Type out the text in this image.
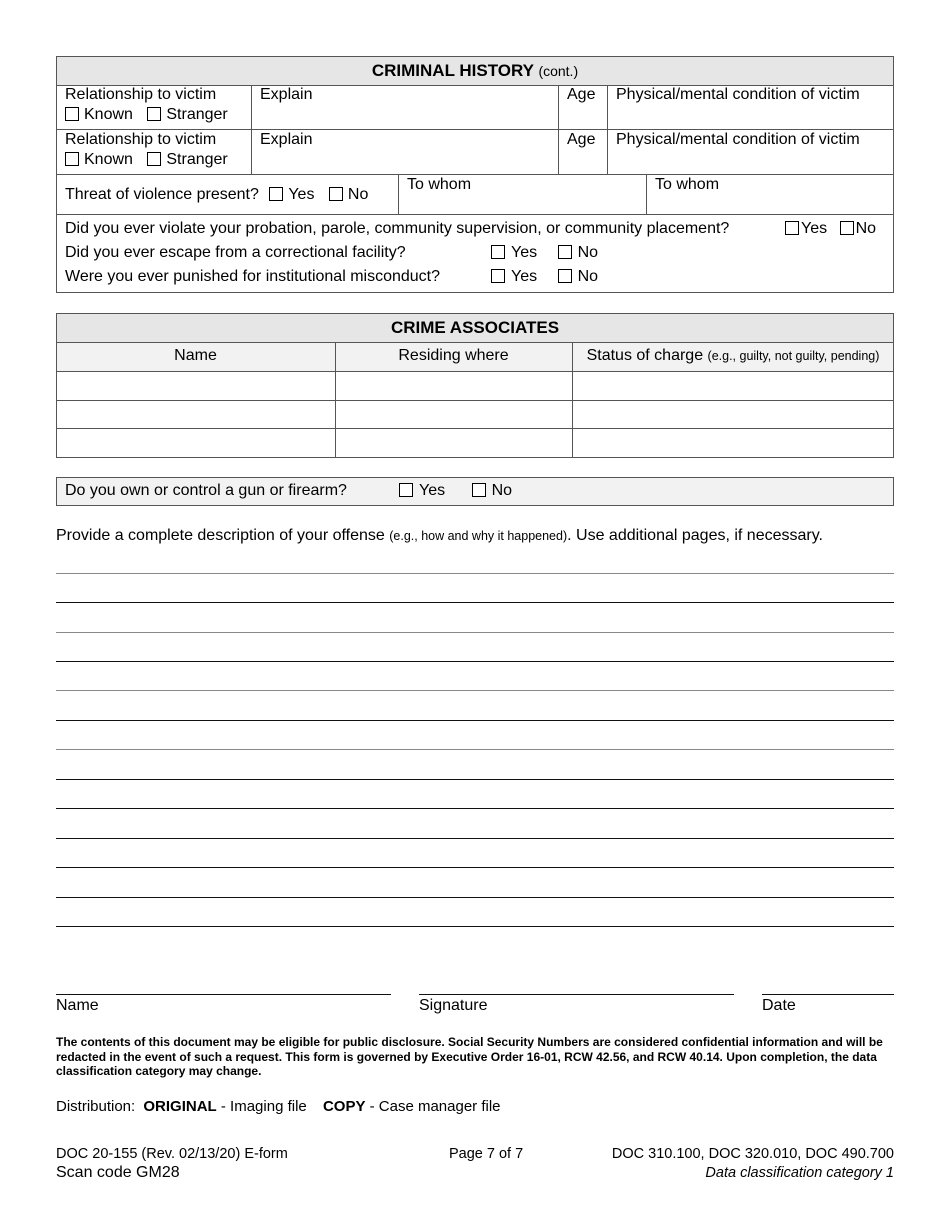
CRIMINAL HISTORY (cont.)
Relationship to victim
Known Stranger
Explain	Age Physical/mental condition of victim
Relationship to victim
Known Stranger
Explain	Age Physical/mental condition of victim
Threat of violence present? Yes No
To whom	To whom
Did you ever violate your probation, parole, community supervision, or community placement?	Yes No
Did you ever escape from a correctional facility?	Yes	No
Were you ever punished for institutional misconduct?	Yes	No
CRIME ASSOCIATES
Name	Residing where	Status of charge (e.g., guilty, not guilty, pending)
Do you own or control a gun or firearm?	Yes	No
Provide a complete description of your offense (e.g., how and why it happened). Use additional pages, if necessary.
Name	Signature	Date
The contents of this document may be eligible for public disclosure. Social Security Numbers are considered confidential information and will be redacted in the event of such a request. This form is governed by Executive Order 16-01, RCW 42.56, and RCW 40.14. Upon completion, the data classification category may change.
Distribution: ORIGINAL - Imaging file COPY - Case manager file
DOC 20-155 (Rev. 02/13/20) E-form
Scan code GM28
Page 7 of 7	DOC 310.100, DOC 320.010, DOC 490.700
Data classification category 1
